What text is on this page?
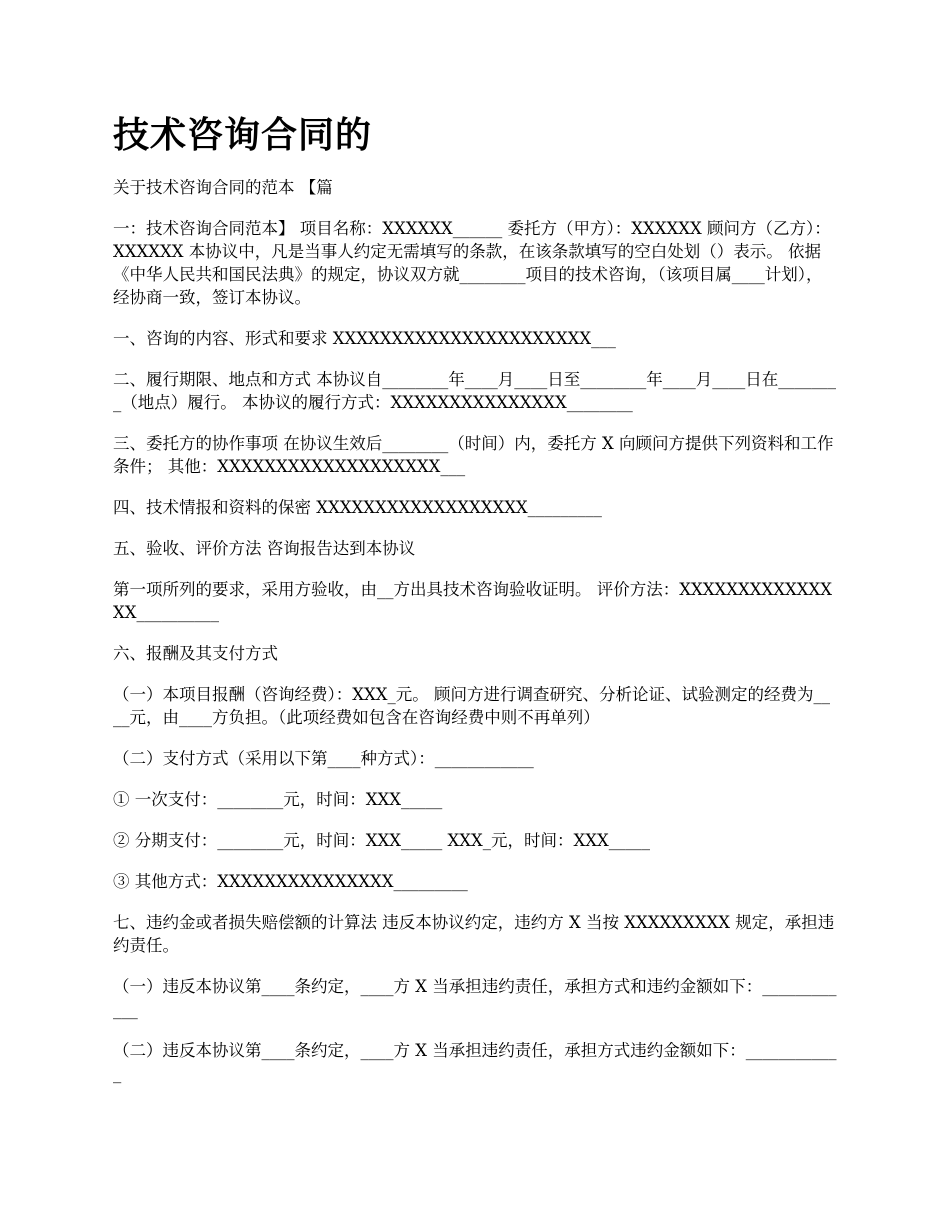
技术咨询合同的
关于技术咨询合同的范本 【篇
一：技术咨询合同范本】 项目名称：XXXXXX______ 委托方（甲方）：XXXXXX 顾问方（乙方）：XXXXXX 本协议中，凡是当事人约定无需填写的条款，在该条款填写的空白处划（）表示。 依据《中华人民共和国民法典》的规定，协议双方就________项目的技术咨询，（该项目属____计划），经协商一致，签订本协议。
一、咨询的内容、形式和要求 XXXXXXXXXXXXXXXXXXXXXX___
二、履行期限、地点和方式 本协议自________年____月____日至________年____月____日在________（地点）履行。 本协议的履行方式：XXXXXXXXXXXXXXX________
三、委托方的协作事项 在协议生效后________（时间）内，委托方 X 向顾问方提供下列资料和工作条件； 其他：XXXXXXXXXXXXXXXXXXX___
四、技术情报和资料的保密 XXXXXXXXXXXXXXXXXX_________
五、验收、评价方法 咨询报告达到本协议
第一项所列的要求，采用方验收，由__方出具技术咨询验收证明。 评价方法：XXXXXXXXXXXXXXX__________
六、报酬及其支付方式
（一）本项目报酬（咨询经费）：XXX_元。 顾问方进行调查研究、分析论证、试验测定的经费为____元，由____方负担。（此项经费如包含在咨询经费中则不再单列）
（二）支付方式（采用以下第____种方式）：____________
① 一次支付：________元，时间：XXX_____
② 分期支付：________元，时间：XXX_____ XXX_元，时间：XXX_____
③ 其他方式：XXXXXXXXXXXXXXX_________
七、违约金或者损失赔偿额的计算法 违反本协议约定，违约方 X 当按 XXXXXXXXX 规定，承担违约责任。
（一）违反本协议第____条约定，____方 X 当承担违约责任，承担方式和违约金额如下：____________
（二）违反本协议第____条约定，____方 X 当承担违约责任，承担方式违约金额如下：____________
